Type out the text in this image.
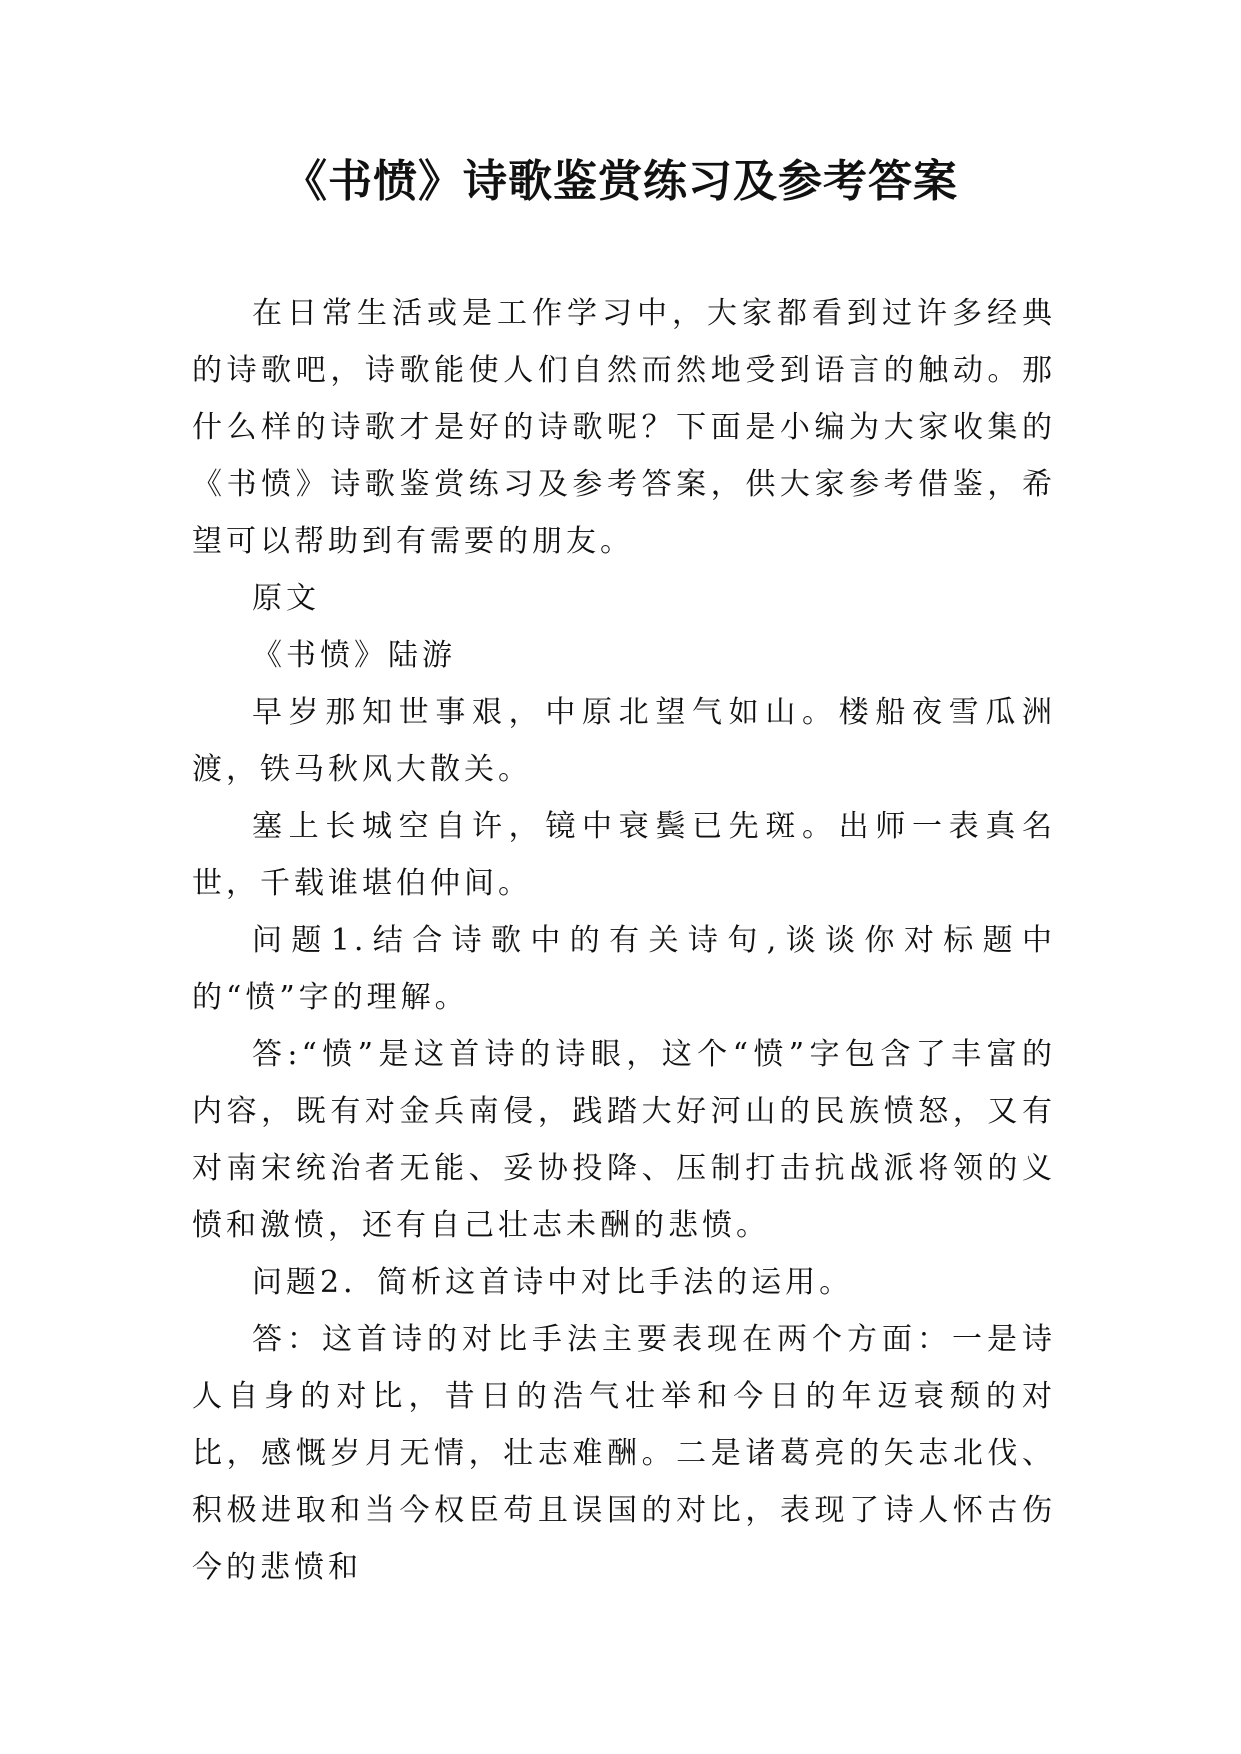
《书愤》诗歌鉴赏练习及参考答案

在日常生活或是工作学习中，大家都看到过许多经典的诗歌吧，诗歌能使人们自然而然地受到语言的触动。那什么样的诗歌才是好的诗歌呢？下面是小编为大家收集的《书愤》诗歌鉴赏练习及参考答案，供大家参考借鉴，希望可以帮助到有需要的朋友。

原文

《书愤》陆游

早岁那知世事艰，中原北望气如山。楼船夜雪瓜洲渡，铁马秋风大散关。

塞上长城空自许，镜中衰鬓已先斑。出师一表真名世，千载谁堪伯仲间。

问题1.结合诗歌中的有关诗句,谈谈你对标题中的“愤”字的理解。

答:“愤”是这首诗的诗眼，这个“愤”字包含了丰富的内容，既有对金兵南侵，践踏大好河山的民族愤怒，又有对南宋统治者无能、妥协投降、压制打击抗战派将领的义愤和激愤，还有自己壮志未酬的悲愤。

问题2．简析这首诗中对比手法的运用。

答：这首诗的对比手法主要表现在两个方面：一是诗人自身的对比，昔日的浩气壮举和今日的年迈衰颓的对比，感慨岁月无情，壮志难酬。二是诸葛亮的矢志北伐、积极进取和当今权臣苟且误国的对比，表现了诗人怀古伤今的悲愤和
